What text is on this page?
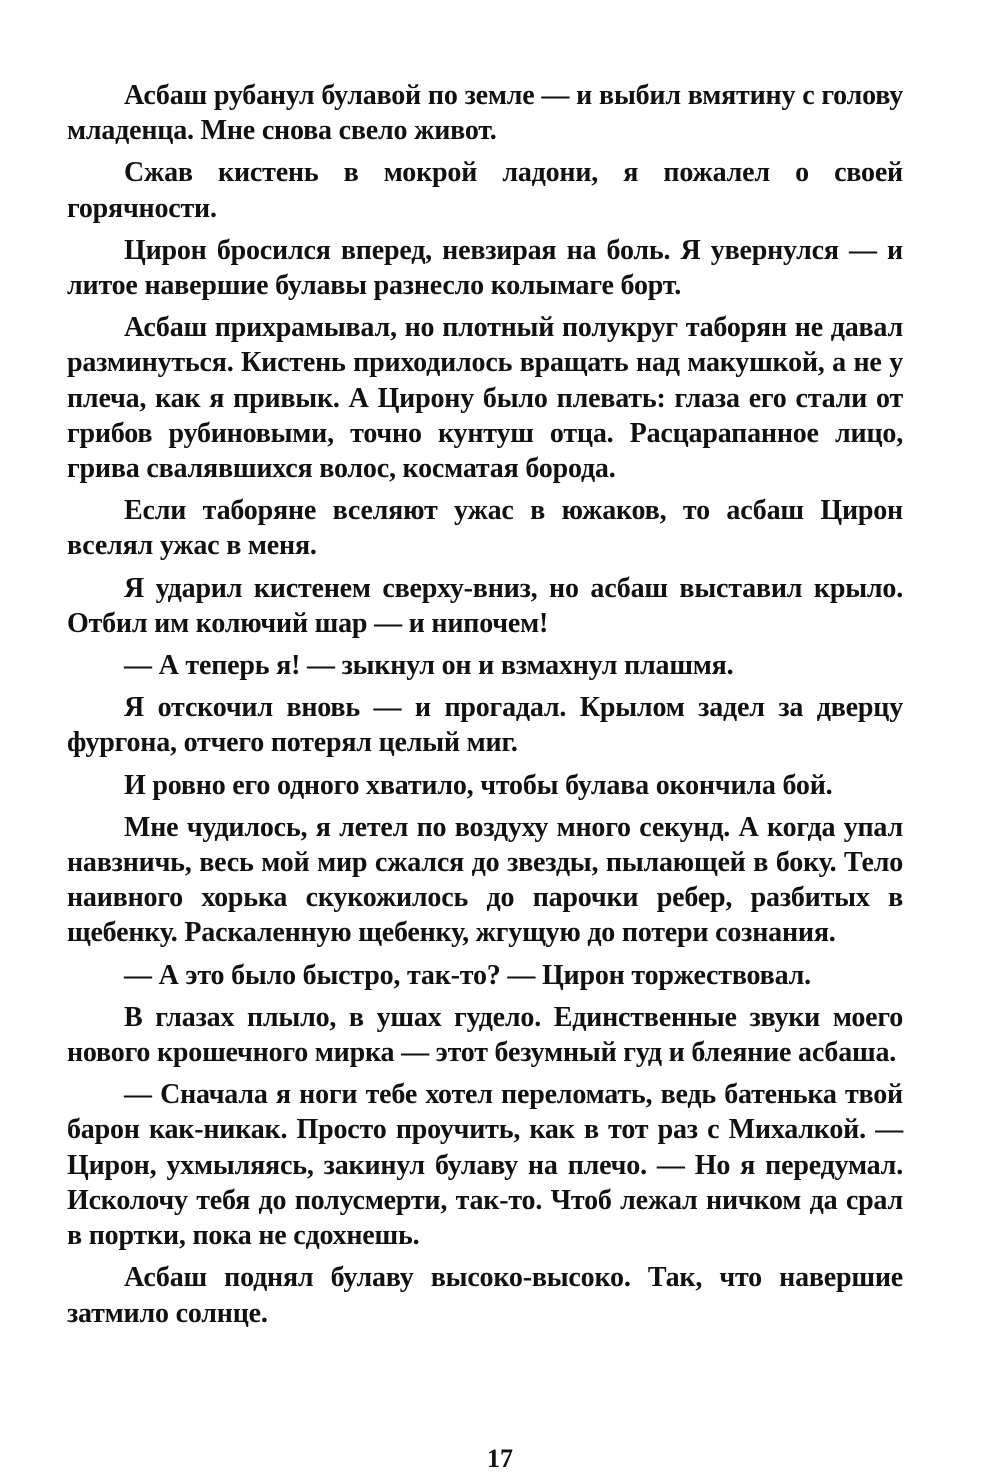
Асбаш рубанул булавой по земле — и выбил вмятину с голову младенца. Мне снова свело живот.

Сжав кистень в мокрой ладони, я пожалел о своей горячности.

Цирон бросился вперед, невзирая на боль. Я увернулся — и литое навершие булавы разнесло колымаге борт.

Асбаш прихрамывал, но плотный полукруг таборян не давал разминуться. Кистень приходилось вращать над макушкой, а не у плеча, как я привык. А Цирону было плевать: глаза его стали от грибов рубиновыми, точно кунтуш отца. Расцарапанное лицо, грива свалявшихся волос, косматая борода.

Если таборяне вселяют ужас в южаков, то асбаш Цирон вселял ужас в меня.

Я ударил кистенем сверху-вниз, но асбаш выставил крыло. Отбил им колючий шар — и нипочем!

— А теперь я! — зыкнул он и взмахнул плашмя.

Я отскочил вновь — и прогадал. Крылом задел за дверцу фургона, отчего потерял целый миг.

И ровно его одного хватило, чтобы булава окончила бой.

Мне чудилось, я летел по воздуху много секунд. А когда упал навзничь, весь мой мир сжался до звезды, пылающей в боку. Тело наивного хорька скукожилось до парочки ребер, разбитых в щебенку. Раскаленную щебенку, жгущую до потери сознания.

— А это было быстро, так-то? — Цирон торжествовал.

В глазах плыло, в ушах гудело. Единственные звуки моего нового крошечного мирка — этот безумный гуд и блеяние асбаша.

— Сначала я ноги тебе хотел переломать, ведь батенька твой барон как-никак. Просто проучить, как в тот раз с Михалкой. — Цирон, ухмыляясь, закинул булаву на плечо. — Но я передумал. Исколочу тебя до полусмерти, так-то. Чтоб лежал ничком да срал в портки, пока не сдохнешь.

Асбаш поднял булаву высоко-высоко. Так, что навершие затмило солнце.

17
